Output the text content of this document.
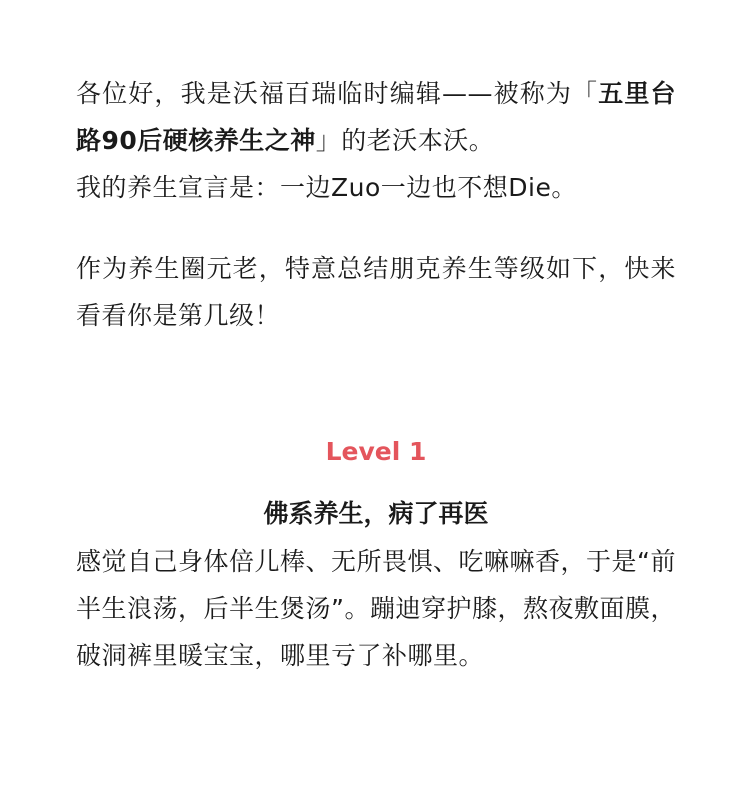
各位好，我是沃福百瑞临时编辑——被称为「五里台路90后硬核养生之神」的老沃本沃。

我的养生宣言是：一边Zuo一边也不想Die。

作为养生圈元老，特意总结朋克养生等级如下，快来看看你是第几级！

Level 1
佛系养生，病了再医

感觉自己身体倍儿棒、无所畏惧、吃嘛嘛香，于是“前半生浪荡，后半生煲汤”。蹦迪穿护膝，熬夜敷面膜，破洞裤里暖宝宝，哪里亏了补哪里。
